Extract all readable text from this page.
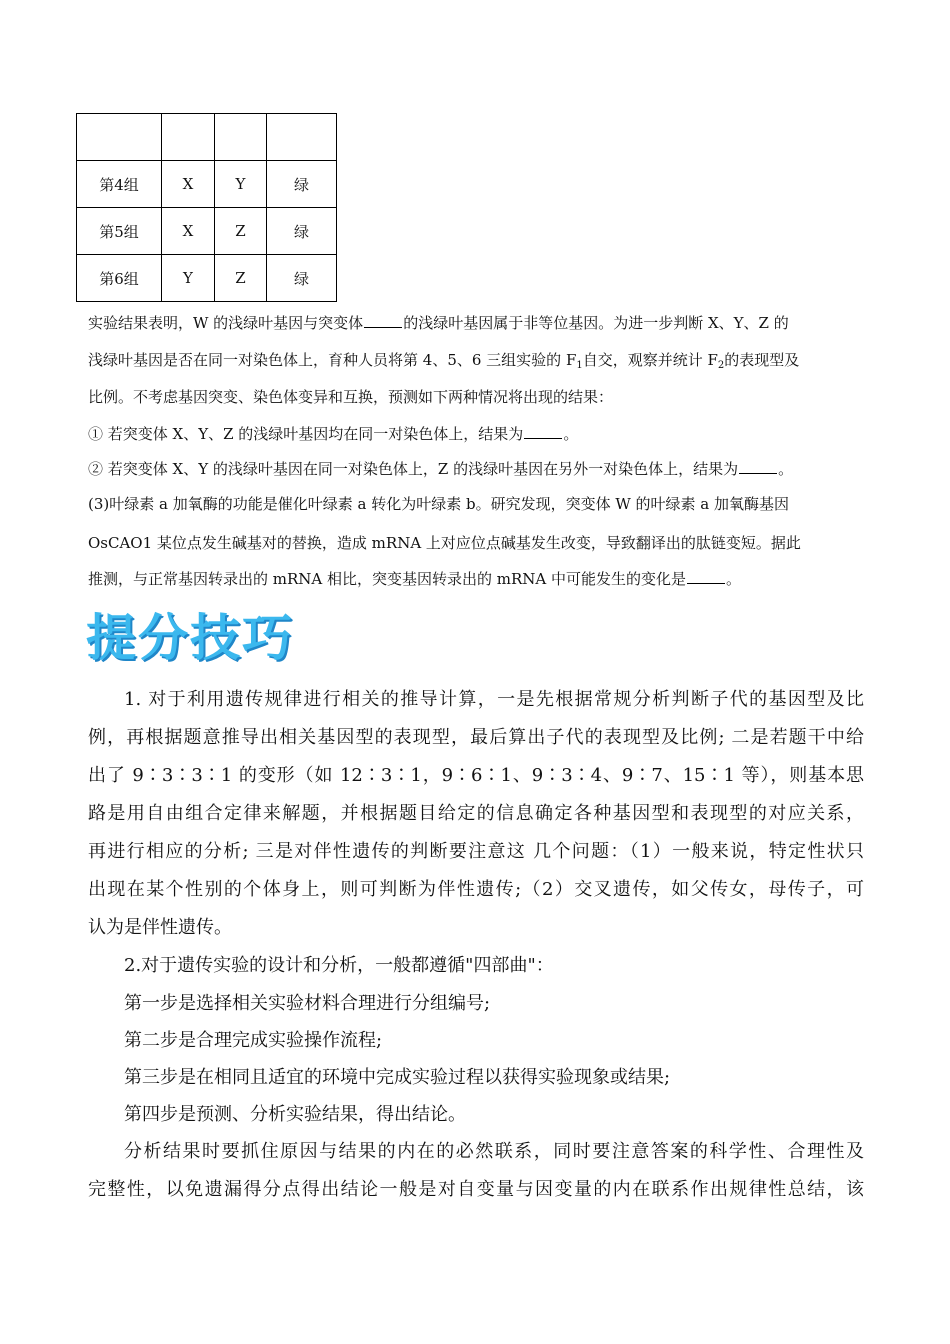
第4组	X	Y	绿
第5组	X	Z	绿
第6组	Y	Z	绿
实验结果表明，W 的浅绿叶基因与突变体	的浅绿叶基因属于非等位基因。为进一步判断 X、Y、Z 的
浅绿叶基因是否在同一对染色体上，育种人员将第 4、5、6 三组实验的 $F_1$自交，观察并统计 $F_2$的表现型及
比例。不考虑基因突变、染色体变异和互换，预测如下两种情况将出现的结果：
① 若突变体 X、Y、Z 的浅绿叶基因均在同一对染色体上，结果为	。
② 若突变体 X、Y 的浅绿叶基因在同一对染色体上，Z 的浅绿叶基因在另外一对染色体上，结果为	。
(3)叶绿素 a 加氧酶的功能是催化叶绿素 a 转化为叶绿素 b。研究发现，突变体 W 的叶绿素 a 加氧酶基因
OsCAO1 某位点发生碱基对的替换，造成 mRNA 上对应位点碱基发生改变，导致翻译出的肽链变短。据此
推测，与正常基因转录出的 mRNA 相比，突变基因转录出的 mRNA 中可能发生的变化是	。
提分技巧
1. 对于利用遗传规律进行相关的推导计算，一是先根据常规分析判断子代的基因型及比
例，再根据题意推导出相关基因型的表现型，最后算出子代的表现型及比例; 二是若题干中给
出了 9∶3∶3∶1 的变形（如 12∶3∶1，9∶6∶1、9∶3∶4、9∶7、15∶1 等），则基本思
路是用自由组合定律来解题，并根据题目给定的信息确定各种基因型和表现型的对应关系，
再进行相应的分析; 三是对伴性遗传的判断要注意这 几个问题：（1）一般来说，特定性状只
出现在某个性别的个体身上，则可判断为伴性遗传;（2）交叉遗传，如父传女，母传子，可
认为是伴性遗传。
2.对于遗传实验的设计和分析，一般都遵循"四部曲"：
第一步是选择相关实验材料合理进行分组编号;
第二步是合理完成实验操作流程;
第三步是在相同且适宜的环境中完成实验过程以获得实验现象或结果;
第四步是预测、分析实验结果，得出结论。
分析结果时要抓住原因与结果的内在的必然联系，同时要注意答案的科学性、合理性及
完整性，以免遗漏得分点得出结论一般是对自变量与因变量的内在联系作出规律性总结，该
